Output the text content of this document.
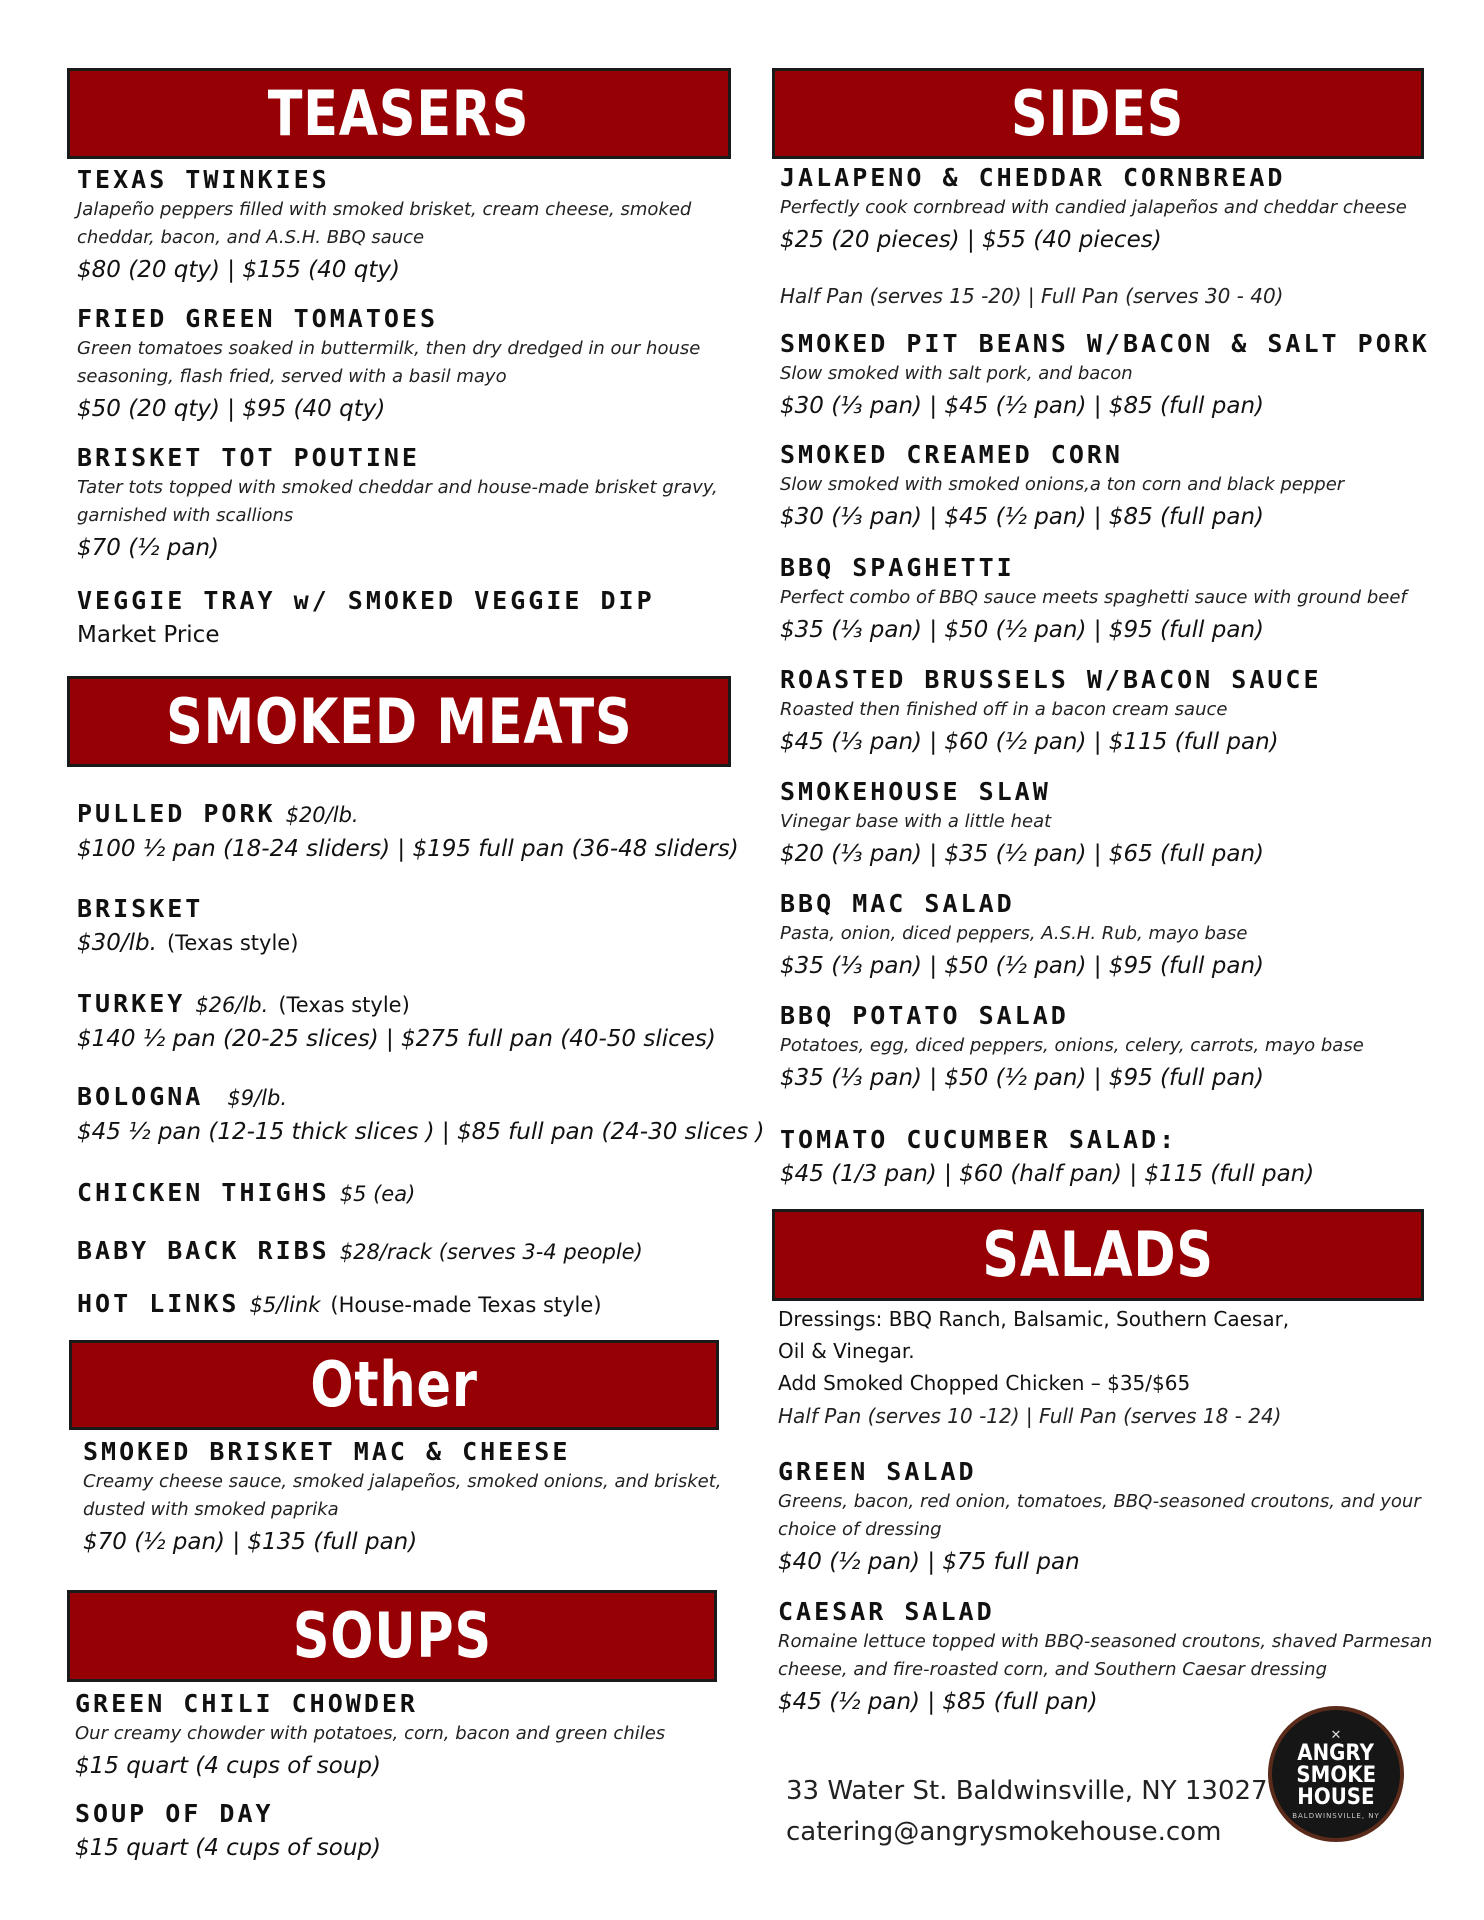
TEASERS
TEXAS TWINKIES
Jalapeño peppers filled with smoked brisket, cream cheese, smoked
cheddar, bacon, and A.S.H. BBQ sauce
$80 (20 qty) | $155 (40 qty)
FRIED GREEN TOMATOES
Green tomatoes soaked in buttermilk, then dry dredged in our house
seasoning, flash fried, served with a basil mayo
$50 (20 qty) | $95 (40 qty)
BRISKET TOT POUTINE
Tater tots topped with smoked cheddar and house-made brisket gravy,
garnished with scallions
$70 (½ pan)
VEGGIE TRAY w/ SMOKED VEGGIE DIP
Market Price
SMOKED MEATS
PULLED PORK $20/lb.
$100 ½ pan (18-24 sliders) | $195 full pan (36-48 sliders)
BRISKET
$30/lb. (Texas style)
TURKEY $26/lb. (Texas style)
$140 ½ pan (20-25 slices) | $275 full pan (40-50 slices)
BOLOGNA $9/lb.
$45 ½ pan (12-15 thick slices ) | $85 full pan (24-30 slices )
CHICKEN THIGHS $5 (ea)
BABY BACK RIBS $28/rack (serves 3-4 people)
HOT LINKS $5/link (House-made Texas style)
Other
SMOKED BRISKET MAC & CHEESE
Creamy cheese sauce, smoked jalapeños, smoked onions, and brisket,
dusted with smoked paprika
$70 (½ pan) | $135 (full pan)
SOUPS
GREEN CHILI CHOWDER
Our creamy chowder with potatoes, corn, bacon and green chiles
$15 quart (4 cups of soup)
SOUP OF DAY
$15 quart (4 cups of soup)
SIDES
JALAPENO & CHEDDAR CORNBREAD
Perfectly cook cornbread with candied jalapeños and cheddar cheese
$25 (20 pieces) | $55 (40 pieces)
Half Pan (serves 15 -20) | Full Pan (serves 30 - 40)
SMOKED PIT BEANS W/BACON & SALT PORK
Slow smoked with salt pork, and bacon
$30 (⅓ pan) | $45 (½ pan) | $85 (full pan)
SMOKED CREAMED CORN
Slow smoked with smoked onions,a ton corn and black pepper
$30 (⅓ pan) | $45 (½ pan) | $85 (full pan)
BBQ SPAGHETTI
Perfect combo of BBQ sauce meets spaghetti sauce with ground beef
$35 (⅓ pan) | $50 (½ pan) | $95 (full pan)
ROASTED BRUSSELS W/BACON SAUCE
Roasted then finished off in a bacon cream sauce
$45 (⅓ pan) | $60 (½ pan) | $115 (full pan)
SMOKEHOUSE SLAW
Vinegar base with a little heat
$20 (⅓ pan) | $35 (½ pan) | $65 (full pan)
BBQ MAC SALAD
Pasta, onion, diced peppers, A.S.H. Rub, mayo base
$35 (⅓ pan) | $50 (½ pan) | $95 (full pan)
BBQ POTATO SALAD
Potatoes, egg, diced peppers, onions, celery, carrots, mayo base
$35 (⅓ pan) | $50 (½ pan) | $95 (full pan)
TOMATO CUCUMBER SALAD:
$45 (1/3 pan) | $60 (half pan) | $115 (full pan)
SALADS
Dressings: BBQ Ranch, Balsamic, Southern Caesar,
Oil & Vinegar.
Add Smoked Chopped Chicken – $35/$65
Half Pan (serves 10 -12) | Full Pan (serves 18 - 24)
GREEN SALAD
Greens, bacon, red onion, tomatoes, BBQ-seasoned croutons, and your
choice of dressing
$40 (½ pan) | $75 full pan
CAESAR SALAD
Romaine lettuce topped with BBQ-seasoned croutons, shaved Parmesan
cheese, and fire-roasted corn, and Southern Caesar dressing
$45 (½ pan) | $85 (full pan)
33 Water St. Baldwinsville, NY 13027
catering@angrysmokehouse.com
✕
ANGRY
SMOKE
HOUSE
BALDWINSVILLE, NY
